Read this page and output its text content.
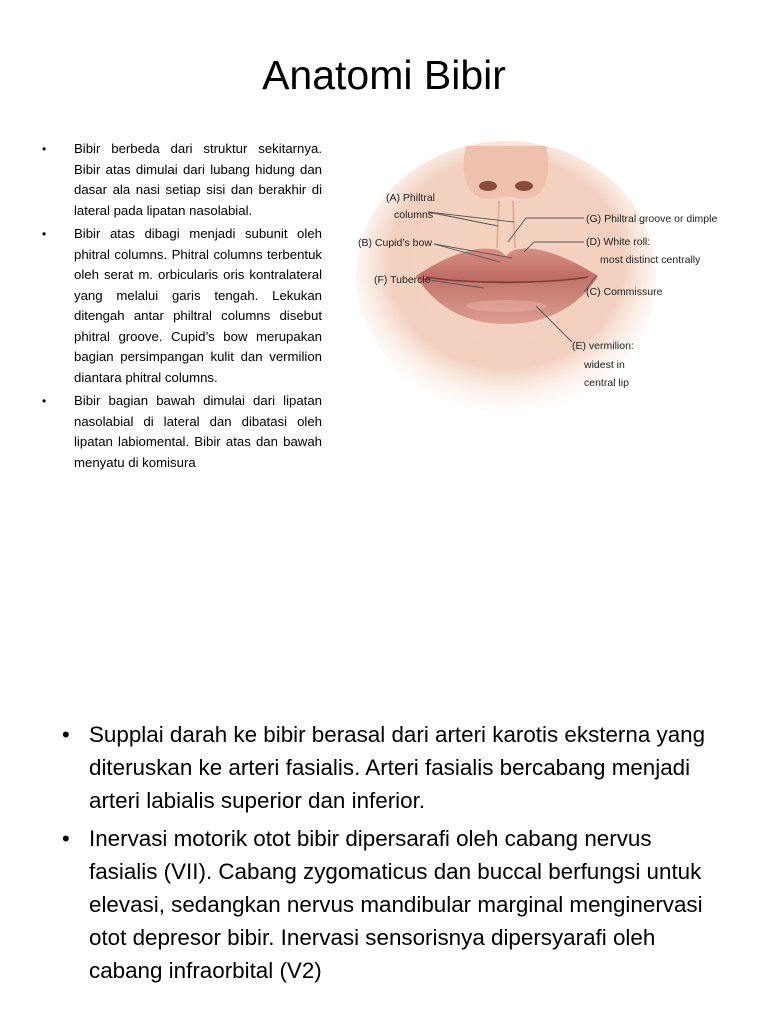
Anatomi Bibir
• Bibir berbeda dari struktur sekitarnya. Bibir atas dimulai dari lubang hidung dan dasar ala nasi setiap sisi dan berakhir di lateral pada lipatan nasolabial.
• Bibir atas dibagi menjadi subunit oleh phitral columns. Phitral columns terbentuk oleh serat m. orbicularis oris kontralateral yang melalui garis tengah. Lekukan ditengah antar philtral columns disebut phitral groove. Cupid’s bow merupakan bagian persimpangan kulit dan vermilion diantara phitral columns.
• Bibir bagian bawah dimulai dari lipatan nasolabial di lateral dan dibatasi oleh lipatan labiomental. Bibir atas dan bawah menyatu di komisura
(A) Philtral
columns
(B) Cupid’s bow
(F) Tubercle
(G) Philtral groove or dimple
(D) White roll:
most distinct centrally
(C) Commissure
(E) vermilion:
widest in
central lip
• Supplai darah ke bibir berasal dari arteri karotis eksterna yang diteruskan ke arteri fasialis. Arteri fasialis bercabang menjadi arteri labialis superior dan inferior.
• Inervasi motorik otot bibir dipersarafi oleh cabang nervus fasialis (VII). Cabang zygomaticus dan buccal berfungsi untuk elevasi, sedangkan nervus mandibular marginal menginervasi otot depresor bibir. Inervasi sensorisnya dipersyarafi oleh cabang infraorbital (V2)
